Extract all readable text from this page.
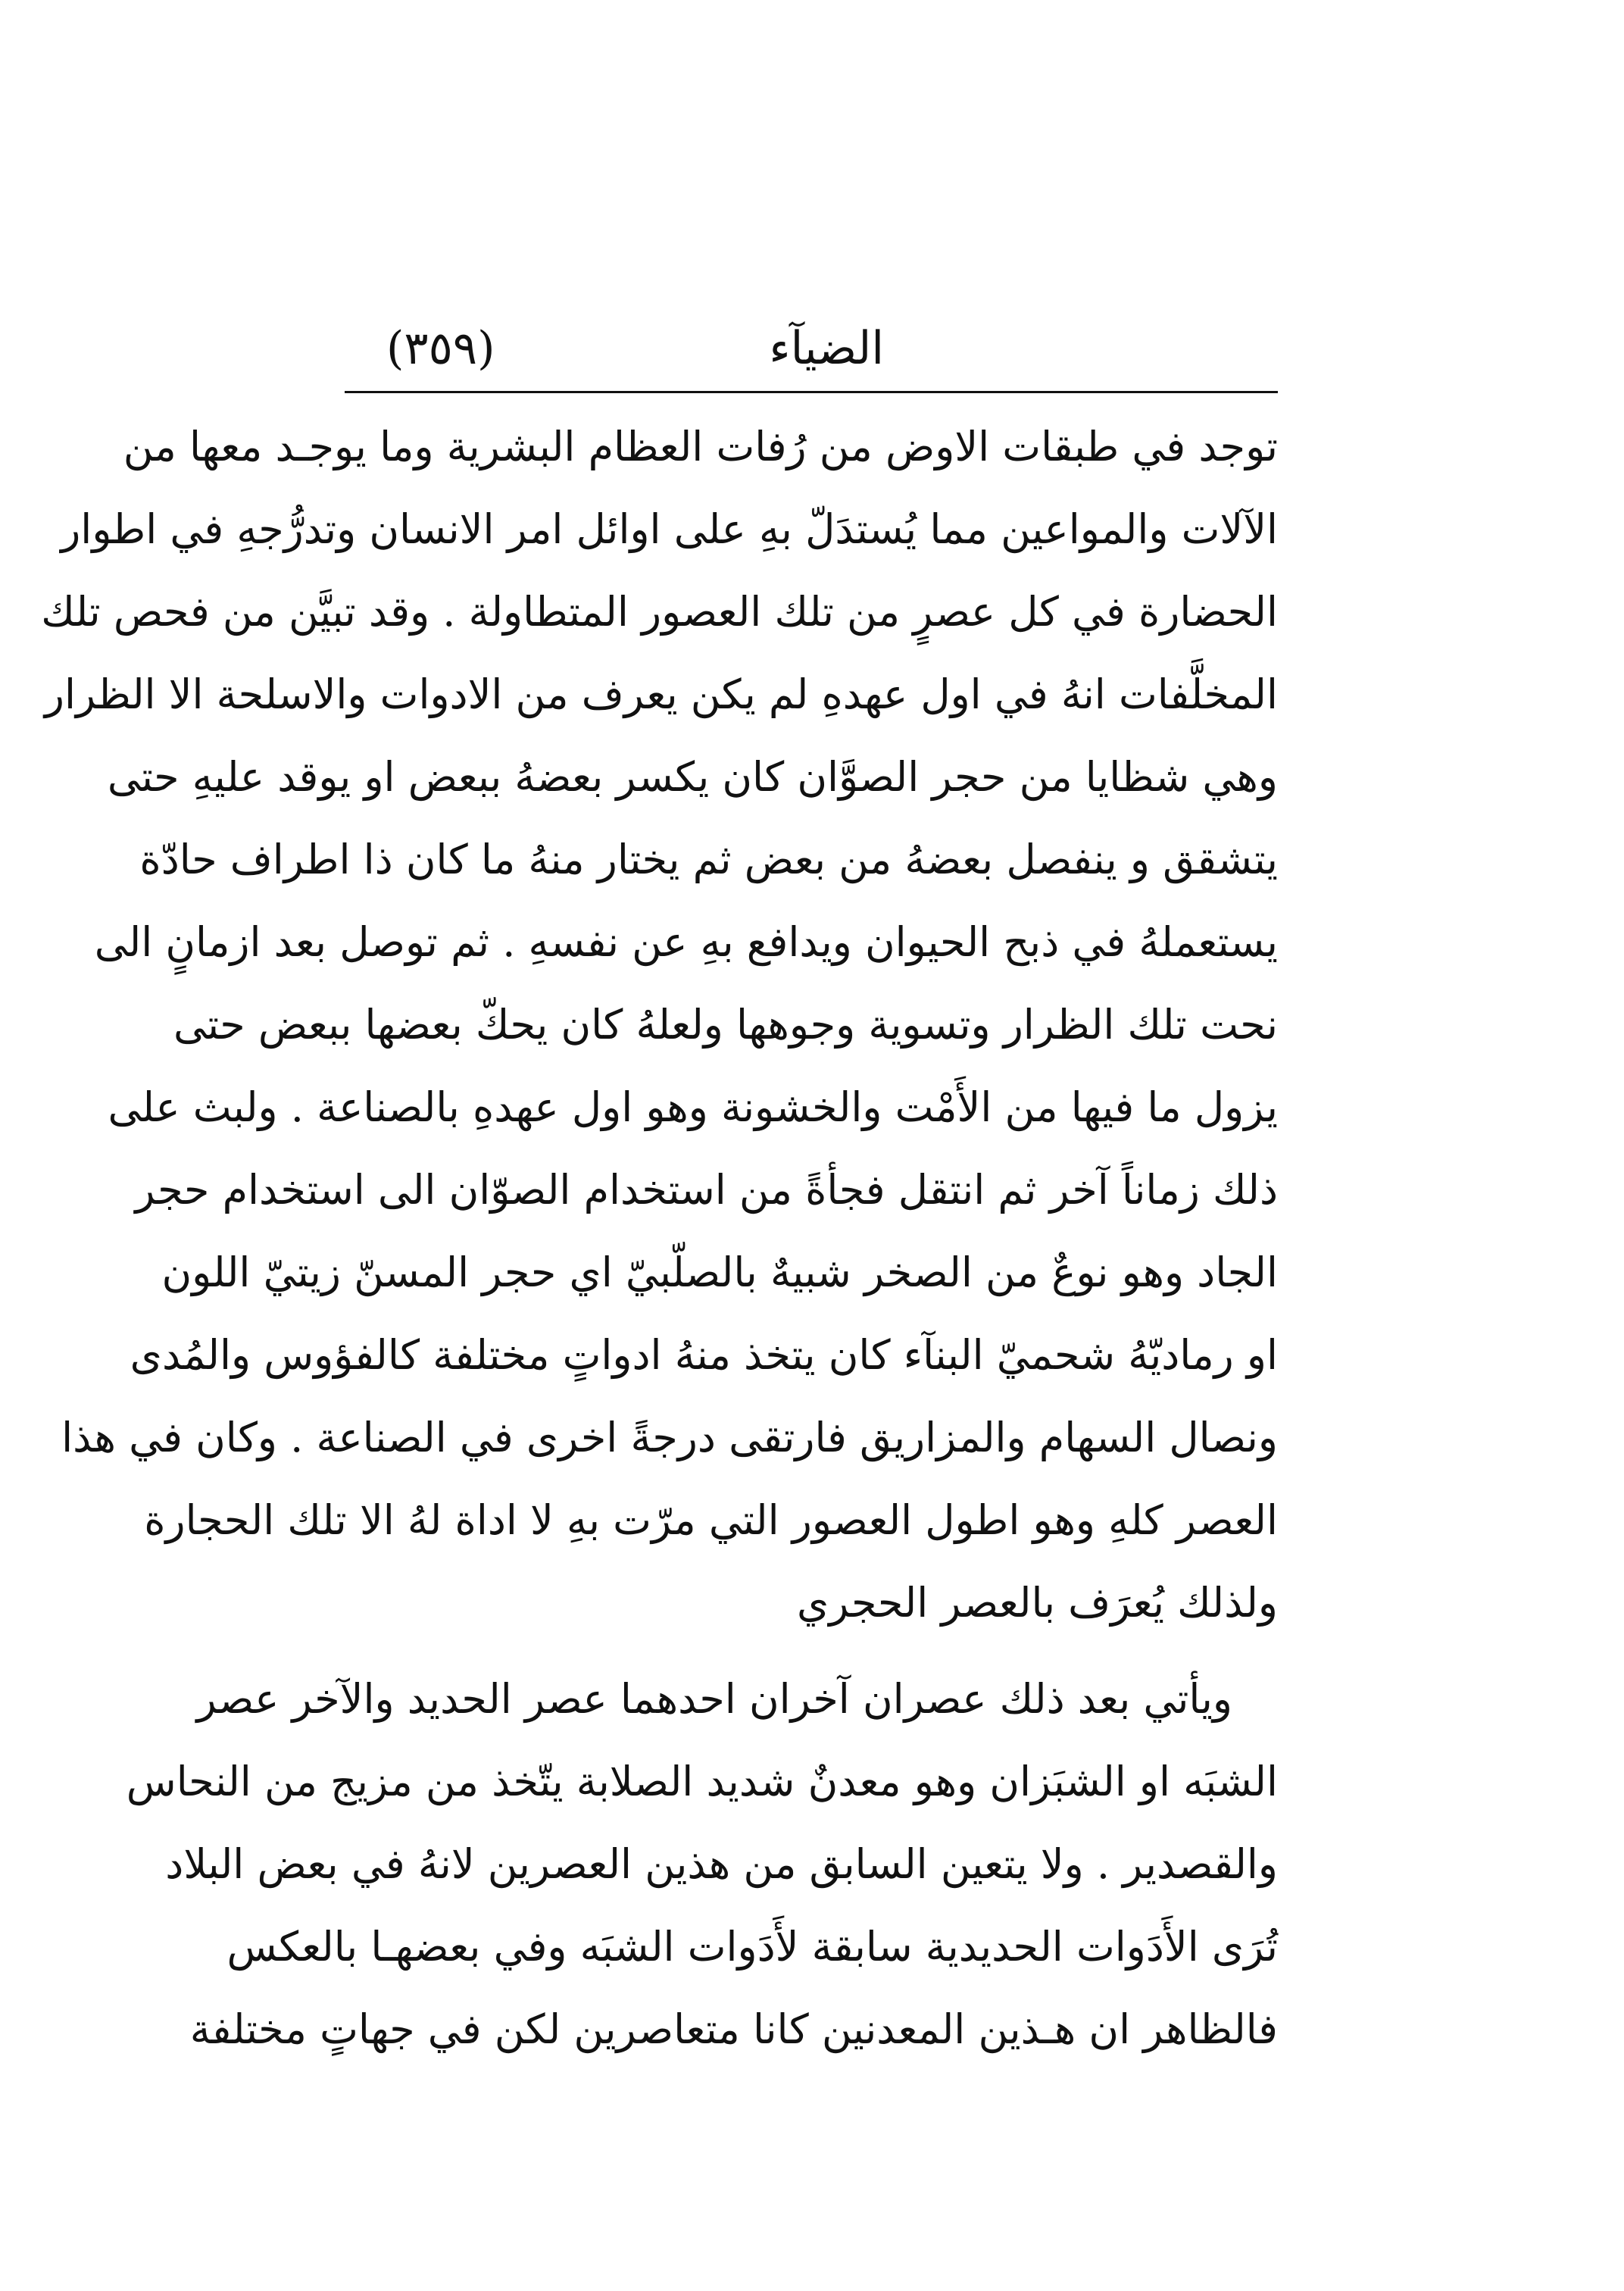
الضيآء
(٣٥٩)
توجد في طبقات الاوض من رُفات العظام البشرية وما يوجـد معها من
الآلات والمواعين مما يُستدَلّ بهِ على اوائل امر الانسان وتدرُّجهِ في اطوار
الحضارة في كل عصرٍ من تلك العصور المتطاولة . وقد تبيَّن من فحص تلك
المخلَّفات انهُ في اول عهدهِ لم يكن يعرف من الادوات والاسلحة الا الظرار
وهي شظايا من حجر الصوَّان كان يكسر بعضهُ ببعض او يوقد عليهِ حتى
يتشقق و ينفصل بعضهُ من بعض ثم يختار منهُ ما كان ذا اطراف حادّة
يستعملهُ في ذبح الحيوان ويدافع بهِ عن نفسهِ . ثم توصل بعد ازمانٍ الى
نحت تلك الظرار وتسوية وجوهها ولعلهُ كان يحكّ بعضها ببعض حتى
يزول ما فيها من الأَمْت والخشونة وهو اول عهدهِ بالصناعة . ولبث على
ذلك زماناً آخر ثم انتقل فجأةً من استخدام الصوّان الى استخدام حجر
الجاد وهو نوعٌ من الصخر شبيهٌ بالصلّبيّ اي حجر المسنّ زيتيّ اللون
او رماديّهُ شحميّ البنآء كان يتخذ منهُ ادواتٍ مختلفة كالفؤوس والمُدى
ونصال السهام والمزاريق فارتقى درجةً اخرى في الصناعة . وكان في هذا
العصر كلهِ وهو اطول العصور التي مرّت بهِ لا اداة لهُ الا تلك الحجارة
ولذلك يُعرَف بالعصر الحجري
ويأتي بعد ذلك عصران آخران احدهما عصر الحديد والآخر عصر
الشبَه او الشبَزان وهو معدنٌ شديد الصلابة يتّخذ من مزيج من النحاس
والقصدير . ولا يتعين السابق من هذين العصرين لانهُ في بعض البلاد
تُرَى الأَدَوات الحديدية سابقة لأَدَوات الشبَه وفي بعضهـا بالعكس
فالظاهر ان هـذين المعدنين كانا متعاصرين لكن في جهاتٍ مختلفة
